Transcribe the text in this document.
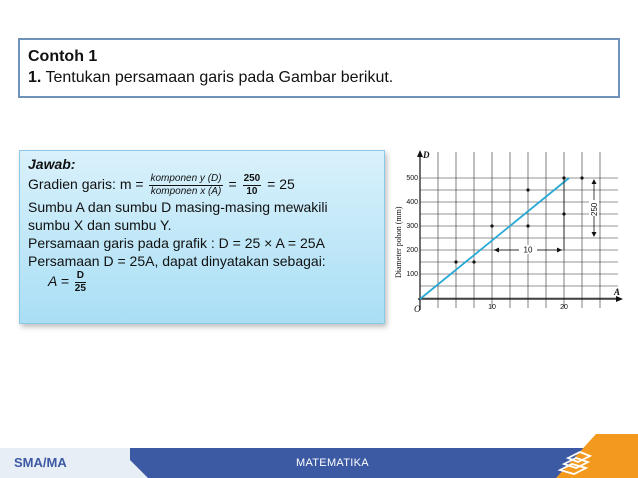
Contoh 1
1. Tentukan persamaan garis pada Gambar berikut.
Jawab:
Gradien garis: $m = \frac{\text{komponen y (D)}}{\text{komponen x (A)}} = \frac{250}{10} = 25$
Sumbu A dan sumbu D masing-masing mewakili
sumbu X dan sumbu Y.
Persamaan garis pada grafik : D = 25 × A = 25A
Persamaan D = 25A, dapat dinyatakan sebagai:
$A = \frac{D}{25}$
D
A
Diameter pohon (mm)
O
500
400
300
200
100
10	20
10
250
SMA/MA	MATEMATIKA
